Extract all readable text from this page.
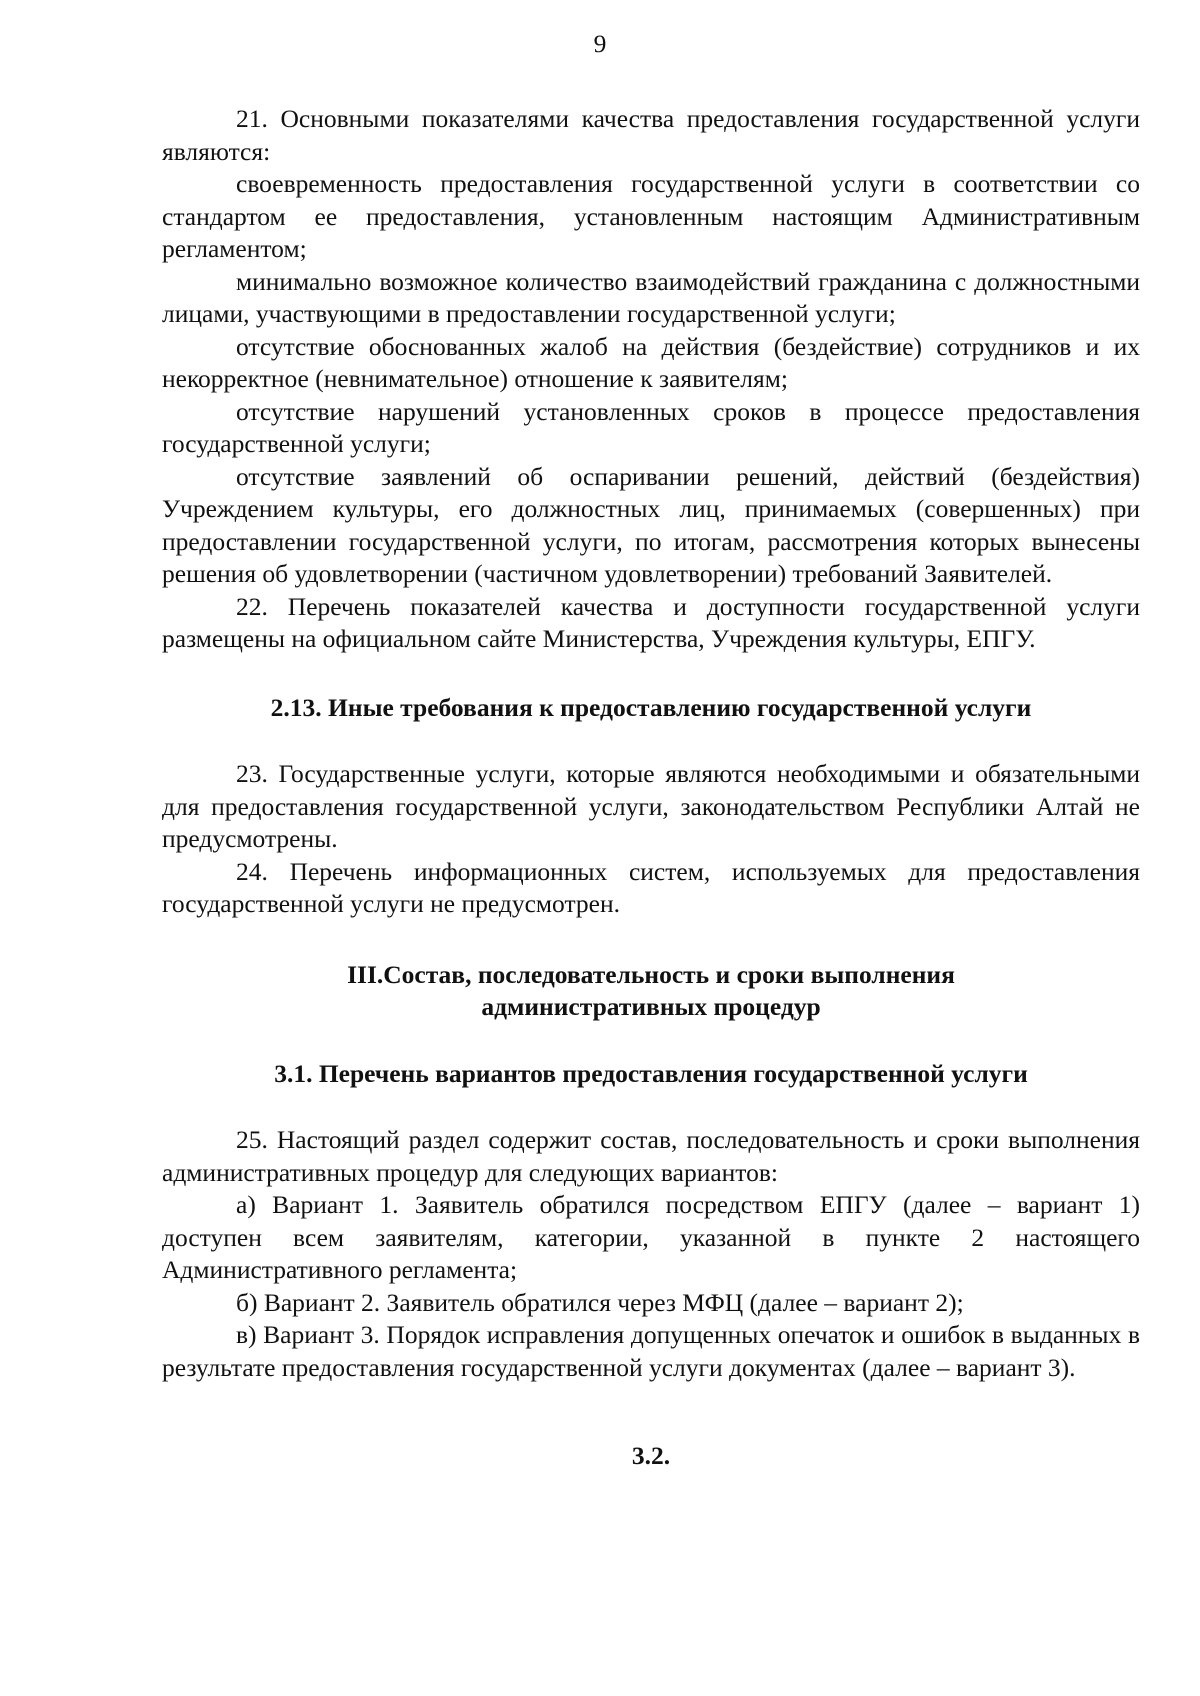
9

21. Основными показателями качества предоставления государственной услуги являются:

своевременность предоставления государственной услуги в соответствии со стандартом ее предоставления, установленным настоящим Административным регламентом;

минимально возможное количество взаимодействий гражданина с должностными лицами, участвующими в предоставлении государственной услуги;

отсутствие обоснованных жалоб на действия (бездействие) сотрудников и их некорректное (невнимательное) отношение к заявителям;

отсутствие нарушений установленных сроков в процессе предоставления государственной услуги;

отсутствие заявлений об оспаривании решений, действий (бездействия) Учреждением культуры, его должностных лиц, принимаемых (совершенных) при предоставлении государственной услуги, по итогам, рассмотрения которых вынесены решения об удовлетворении (частичном удовлетворении) требований Заявителей.

22. Перечень показателей качества и доступности государственной услуги размещены на официальном сайте Министерства, Учреждения культуры, ЕПГУ.

2.13. Иные требования к предоставлению государственной услуги

23. Государственные услуги, которые являются необходимыми и обязательными для предоставления государственной услуги, законодательством Республики Алтай не предусмотрены.

24. Перечень информационных систем, используемых для предоставления государственной услуги не предусмотрен.

III.Состав, последовательность и сроки выполнения
административных процедур
3.1. Перечень вариантов предоставления государственной услуги

25. Настоящий раздел содержит состав, последовательность и сроки выполнения административных процедур для следующих вариантов:

а) Вариант 1. Заявитель обратился посредством ЕПГУ (далее – вариант 1) доступен всем заявителям, категории, указанной в пункте 2 настоящего Административного регламента;

б) Вариант 2. Заявитель обратился через МФЦ (далее – вариант 2);

в) Вариант 3. Порядок исправления допущенных опечаток и ошибок в выданных в результате предоставления государственной услуги документах (далее – вариант 3).

3.2.
